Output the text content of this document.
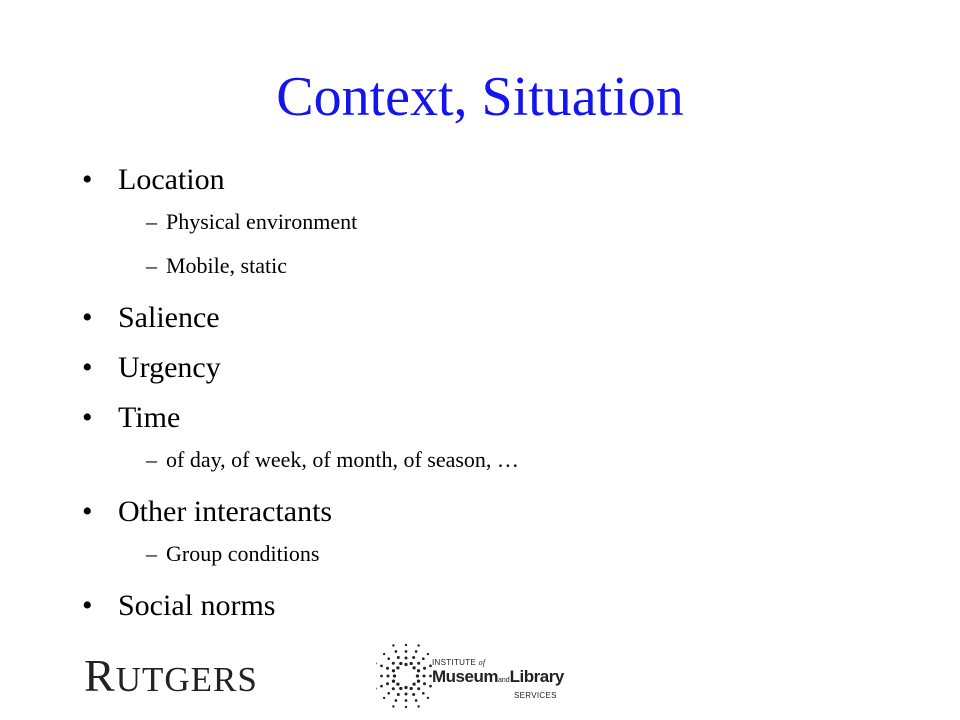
Context, Situation
• Location
– Physical environment
– Mobile, static
• Salience
• Urgency
• Time
– of day, of week, of month, of season, …
• Other interactants
– Group conditions
• Social norms
RUTGERS	INSTITUTE of
MuseumandLibrary
SERVICES
